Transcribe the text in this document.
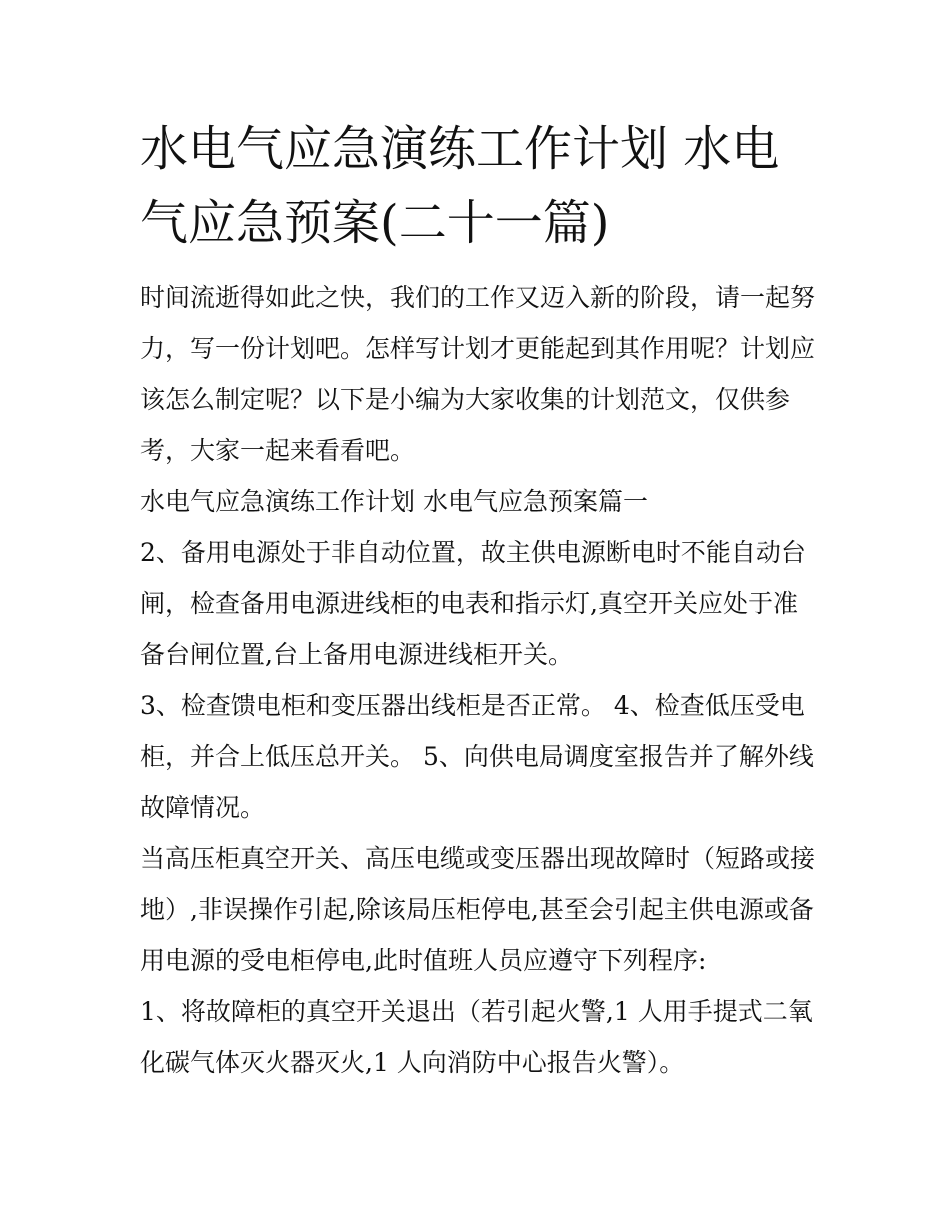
水电气应急演练工作计划 水电气应急预案(二十一篇)

时间流逝得如此之快，我们的工作又迈入新的阶段，请一起努力，写一份计划吧。怎样写计划才更能起到其作用呢？计划应该怎么制定呢？以下是小编为大家收集的计划范文，仅供参考，大家一起来看看吧。

水电气应急演练工作计划 水电气应急预案篇一

2、备用电源处于非自动位置，故主供电源断电时不能自动台闸，检查备用电源进线柜的电表和指示灯,真空开关应处于准备台闸位置,台上备用电源进线柜开关。

3、检查馈电柜和变压器出线柜是否正常。 4、检查低压受电柜，并合上低压总开关。 5、向供电局调度室报告并了解外线故障情况。

当高压柜真空开关、高压电缆或变压器出现故障时（短路或接地）,非误操作引起,除该局压柜停电,甚至会引起主供电源或备用电源的受电柜停电,此时值班人员应遵守下列程序:

1、将故障柜的真空开关退出（若引起火警,1 人用手提式二氧化碳气体灭火器灭火,1 人向消防中心报告火警）。
